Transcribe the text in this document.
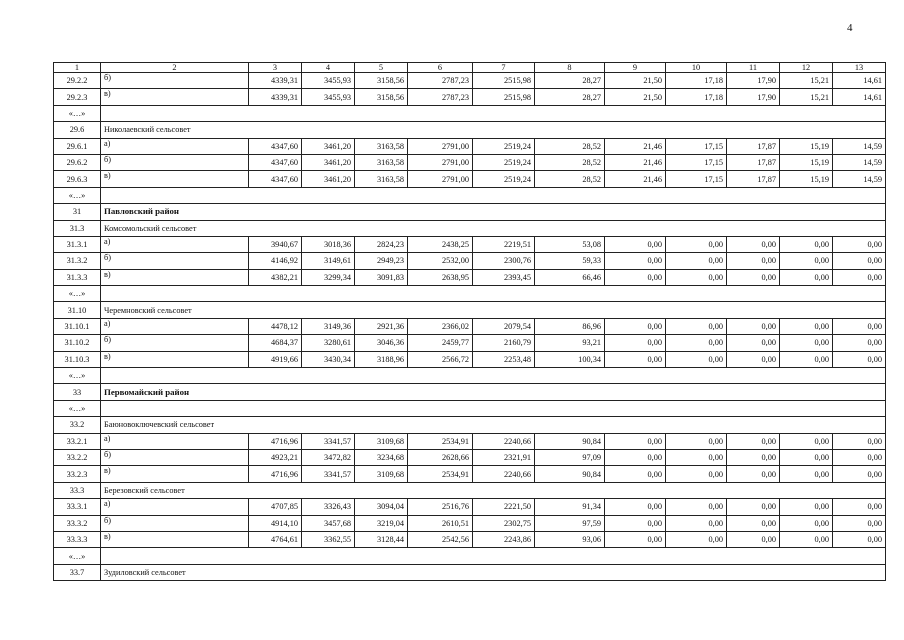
4
1	2	3	4	5	6	7	8	9	10	11	12	13
29.2.2	б)	4339,31	3455,93	3158,56	2787,23	2515,98	28,27	21,50	17,18	17,90	15,21	14,61
29.2.3	в)	4339,31	3455,93	3158,56	2787,23	2515,98	28,27	21,50	17,18	17,90	15,21	14,61
«…»												
29.6	Николаевский сельсовет											
29.6.1	а)	4347,60	3461,20	3163,58	2791,00	2519,24	28,52	21,46	17,15	17,87	15,19	14,59
29.6.2	б)	4347,60	3461,20	3163,58	2791,00	2519,24	28,52	21,46	17,15	17,87	15,19	14,59
29.6.3	в)	4347,60	3461,20	3163,58	2791,00	2519,24	28,52	21,46	17,15	17,87	15,19	14,59
«…»												
31	Павловский район											
31.3	Комсомольский сельсовет											
31.3.1	а)	3940,67	3018,36	2824,23	2438,25	2219,51	53,08	0,00	0,00	0,00	0,00	0,00
31.3.2	б)	4146,92	3149,61	2949,23	2532,00	2300,76	59,33	0,00	0,00	0,00	0,00	0,00
31.3.3	в)	4382,21	3299,34	3091,83	2638,95	2393,45	66,46	0,00	0,00	0,00	0,00	0,00
«…»												
31.10	Черемновский сельсовет											
31.10.1	а)	4478,12	3149,36	2921,36	2366,02	2079,54	86,96	0,00	0,00	0,00	0,00	0,00
31.10.2	б)	4684,37	3280,61	3046,36	2459,77	2160,79	93,21	0,00	0,00	0,00	0,00	0,00
31.10.3	в)	4919,66	3430,34	3188,96	2566,72	2253,48	100,34	0,00	0,00	0,00	0,00	0,00
«…»												
33	Первомайский район											
«…»												
33.2	Баюновоключевский сельсовет											
33.2.1	а)	4716,96	3341,57	3109,68	2534,91	2240,66	90,84	0,00	0,00	0,00	0,00	0,00
33.2.2	б)	4923,21	3472,82	3234,68	2628,66	2321,91	97,09	0,00	0,00	0,00	0,00	0,00
33.2.3	в)	4716,96	3341,57	3109,68	2534,91	2240,66	90,84	0,00	0,00	0,00	0,00	0,00
33.3	Березовский сельсовет											
33.3.1	а)	4707,85	3326,43	3094,04	2516,76	2221,50	91,34	0,00	0,00	0,00	0,00	0,00
33.3.2	б)	4914,10	3457,68	3219,04	2610,51	2302,75	97,59	0,00	0,00	0,00	0,00	0,00
33.3.3	в)	4764,61	3362,55	3128,44	2542,56	2243,86	93,06	0,00	0,00	0,00	0,00	0,00
«…»												
33.7	Зудиловский сельсовет											
